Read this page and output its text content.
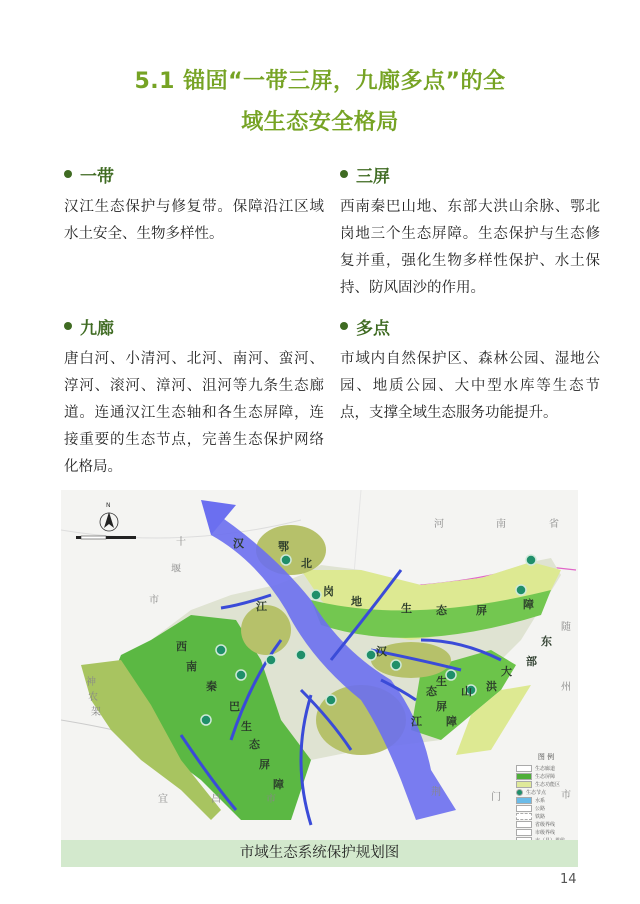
5.1 锚固“一带三屏，九廊多点”的全
域生态安全格局
一带
汉江生态保护与修复带。保障沿江区域水土安全、生物多样性。
三屏
西南秦巴山地、东部大洪山余脉、鄂北岗地三个生态屏障。生态保护与生态修复并重，强化生物多样性保护、水土保持、防风固沙的作用。
九廊
唐白河、小清河、北河、南河、蛮河、淳河、滚河、漳河、沮河等九条生态廊道。连通汉江生态轴和各生态屏障，连接重要的生态节点，完善生态保护网络化格局。
多点
市域内自然保护区、森林公园、湿地公园、地质公园、大中型水库等生态节点，支撑全域生态服务功能提升。
N
十
堰
市
河	南	省
随
州
荆	门	市
宜	昌	市
神
农
架
汉	鄂
北
岗
地
生 态	屏	障
江
汉
江
西
南
秦
巴
生
态
屏
障
东
部
大
洪
山
生
态
屏
障
图 例
生态廊道
生态屏障
生态功能区
生态节点
水系
公路
铁路
省级界线
市级界线
市域生态系统保护规划图
14
